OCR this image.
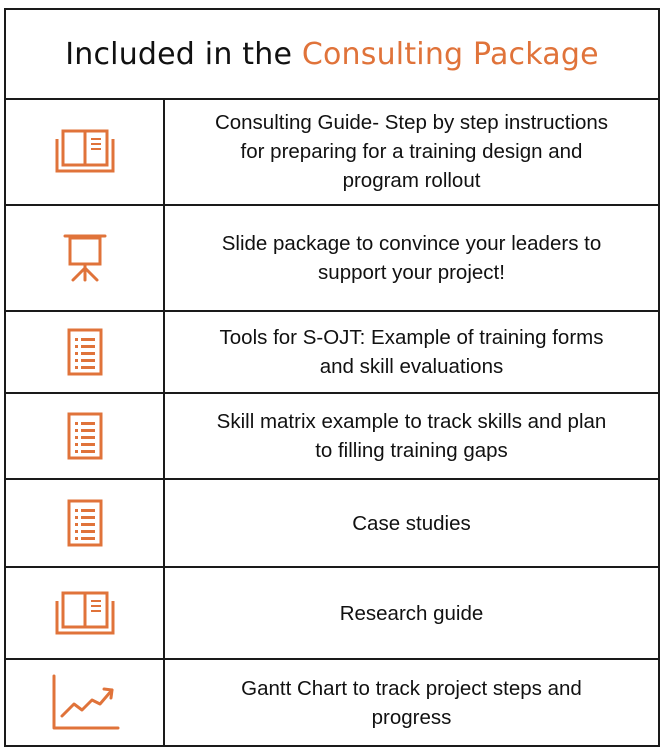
Included in the Consulting Package
Consulting Guide- Step by step instructions
for preparing for a training design and
program rollout
Slide package to convince your leaders to
support your project!
Tools for S-OJT: Example of training forms
and skill evaluations
Skill matrix example to track skills and plan
to filling training gaps
Case studies
Research guide
Gantt Chart to track project steps and
progress
